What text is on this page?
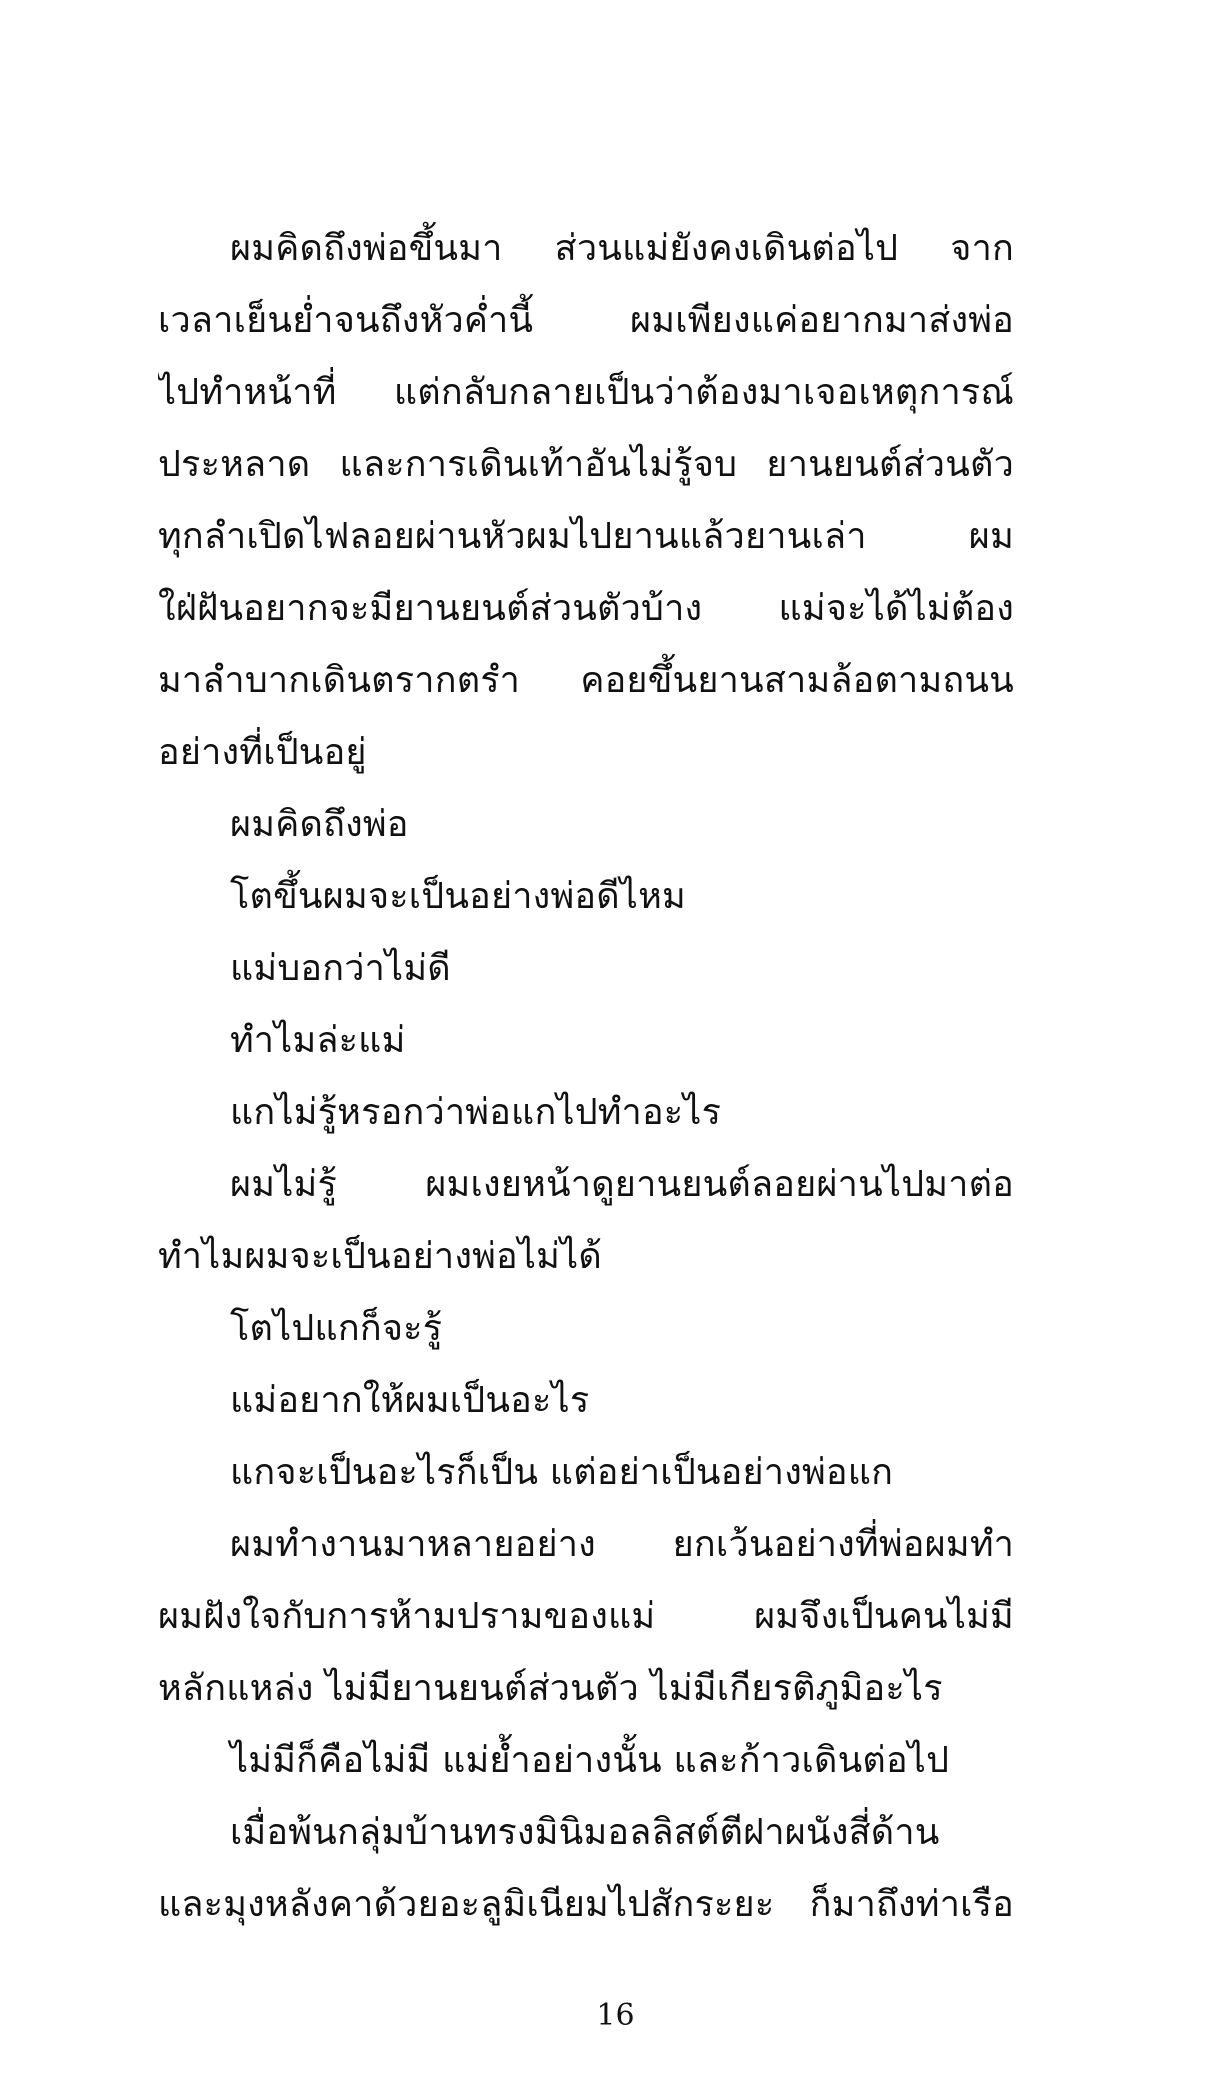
ผมคิดถึงพ่อขึ้นมา ส่วนแม่ยังคงเดินต่อไป จาก
เวลาเย็นย่ำจนถึงหัวค่ำนี้ ผมเพียงแค่อยากมาส่งพ่อ
ไปทำหน้าที่ แต่กลับกลายเป็นว่าต้องมาเจอเหตุการณ์
ประหลาด และการเดินเท้าอันไม่รู้จบ ยานยนต์ส่วนตัว
ทุกลำเปิดไฟลอยผ่านหัวผมไปยานแล้วยานเล่า ผม
ใฝ่ฝันอยากจะมียานยนต์ส่วนตัวบ้าง แม่จะได้ไม่ต้อง
มาลำบากเดินตรากตรำ คอยขึ้นยานสามล้อตามถนน
อย่างที่เป็นอยู่
ผมคิดถึงพ่อ
โตขึ้นผมจะเป็นอย่างพ่อดีไหม
แม่บอกว่าไม่ดี
ทำไมล่ะแม่
แกไม่รู้หรอกว่าพ่อแกไปทำอะไร
ผมไม่รู้ ผมเงยหน้าดูยานยนต์ลอยผ่านไปมาต่อ
ทำไมผมจะเป็นอย่างพ่อไม่ได้
โตไปแกก็จะรู้
แม่อยากให้ผมเป็นอะไร
แกจะเป็นอะไรก็เป็น แต่อย่าเป็นอย่างพ่อแก
ผมทำงานมาหลายอย่าง ยกเว้นอย่างที่พ่อผมทำ
ผมฝังใจกับการห้ามปรามของแม่ ผมจึงเป็นคนไม่มี
หลักแหล่ง ไม่มียานยนต์ส่วนตัว ไม่มีเกียรติภูมิอะไร
ไม่มีก็คือไม่มี แม่ย้ำอย่างนั้น และก้าวเดินต่อไป
เมื่อพ้นกลุ่มบ้านทรงมินิมอลลิสต์ตีฝาผนังสี่ด้าน
และมุงหลังคาด้วยอะลูมิเนียมไปสักระยะ ก็มาถึงท่าเรือ
16
